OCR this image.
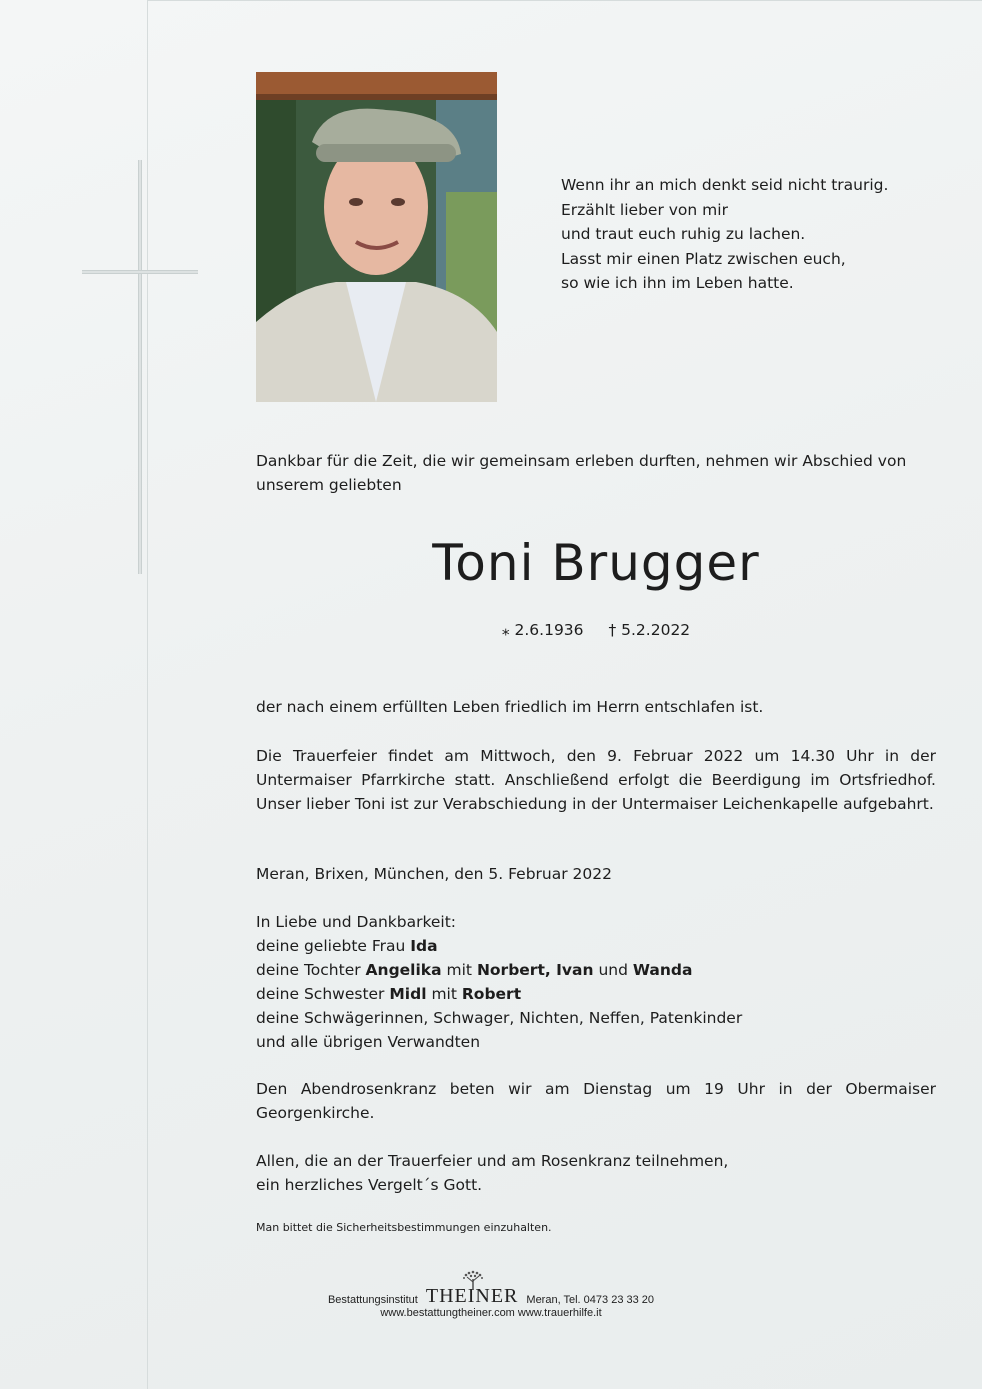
Wenn ihr an mich denkt seid nicht traurig.
Erzählt lieber von mir
und traut euch ruhig zu lachen.
Lasst mir einen Platz zwischen euch,
so wie ich ihn im Leben hatte.
Dankbar für die Zeit, die wir gemeinsam erleben durften, nehmen wir Abschied von unserem geliebten
Toni Brugger
⁎ 2.6.1936 † 5.2.2022
der nach einem erfüllten Leben friedlich im Herrn entschlafen ist.
Die Trauerfeier findet am Mittwoch, den 9. Februar 2022 um 14.30 Uhr in der Untermaiser Pfarrkirche statt. Anschließend erfolgt die Beerdigung im Ortsfriedhof. Unser lieber Toni ist zur Verabschiedung in der Untermaiser Leichenkapelle aufgebahrt.
Meran, Brixen, München, den 5. Februar 2022
In Liebe und Dankbarkeit:
deine geliebte Frau Ida
deine Tochter Angelika mit Norbert, Ivan und Wanda
deine Schwester Midl mit Robert
deine Schwägerinnen, Schwager, Nichten, Neffen, Patenkinder
und alle übrigen Verwandten
Den Abendrosenkranz beten wir am Dienstag um 19 Uhr in der Obermaiser Georgenkirche.
Allen, die an der Trauerfeier und am Rosenkranz teilnehmen,
ein herzliches Vergelt´s Gott.
Man bittet die Sicherheitsbestimmungen einzuhalten.
Bestattungsinstitut THEINER Meran, Tel. 0473 23 33 20
www.bestattungtheiner.com www.trauerhilfe.it
